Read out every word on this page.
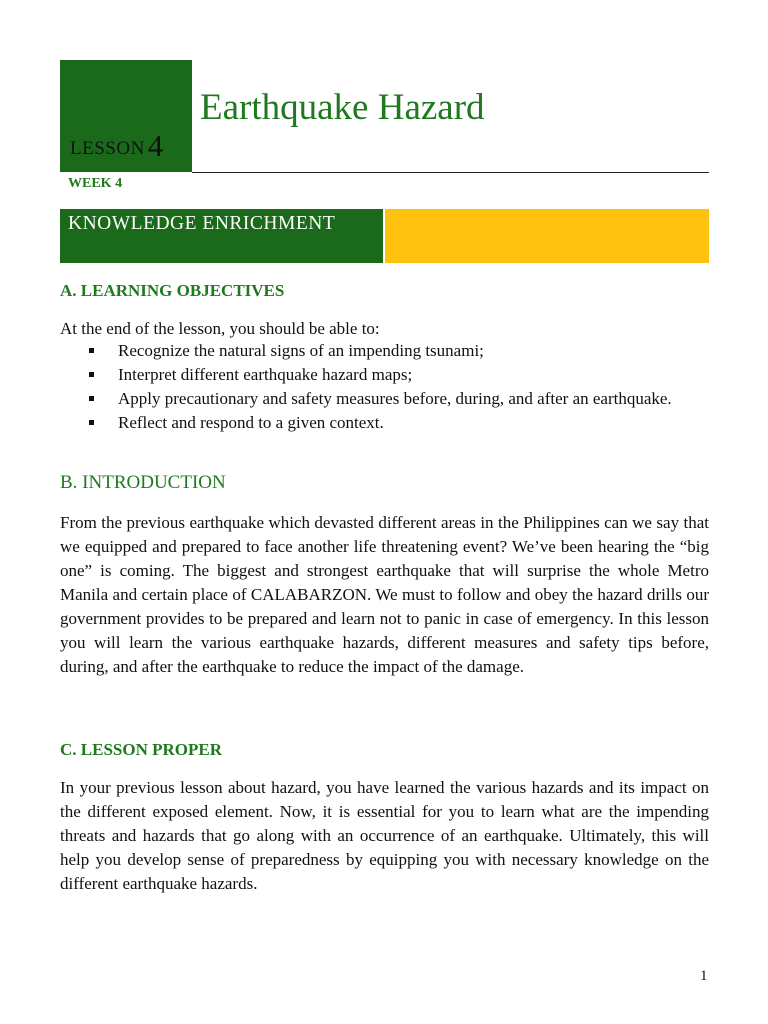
LESSON4
Earthquake Hazard
WEEK 4
KNOWLEDGE ENRICHMENT
A. LEARNING OBJECTIVES
At the end of the lesson, you should be able to:
Recognize the natural signs of an impending tsunami;
Interpret different earthquake hazard maps;
Apply precautionary and safety measures before, during, and after an earthquake.
Reflect and respond to a given context.
B. INTRODUCTION

From the previous earthquake which devasted different areas in the Philippines can we say that we equipped and prepared to face another life threatening event? We’ve been hearing the “big one” is coming. The biggest and strongest earthquake that will surprise the whole Metro Manila and certain place of CALABARZON. We must to follow and obey the hazard drills our government provides to be prepared and learn not to panic in case of emergency. In this lesson you will learn the various earthquake hazards, different measures and safety tips before, during, and after the earthquake to reduce the impact of the damage.

C. LESSON PROPER

In your previous lesson about hazard, you have learned the various hazards and its impact on the different exposed element. Now, it is essential for you to learn what are the impending threats and hazards that go along with an occurrence of an earthquake. Ultimately, this will help you develop sense of preparedness by equipping you with necessary knowledge on the different earthquake hazards.

1
